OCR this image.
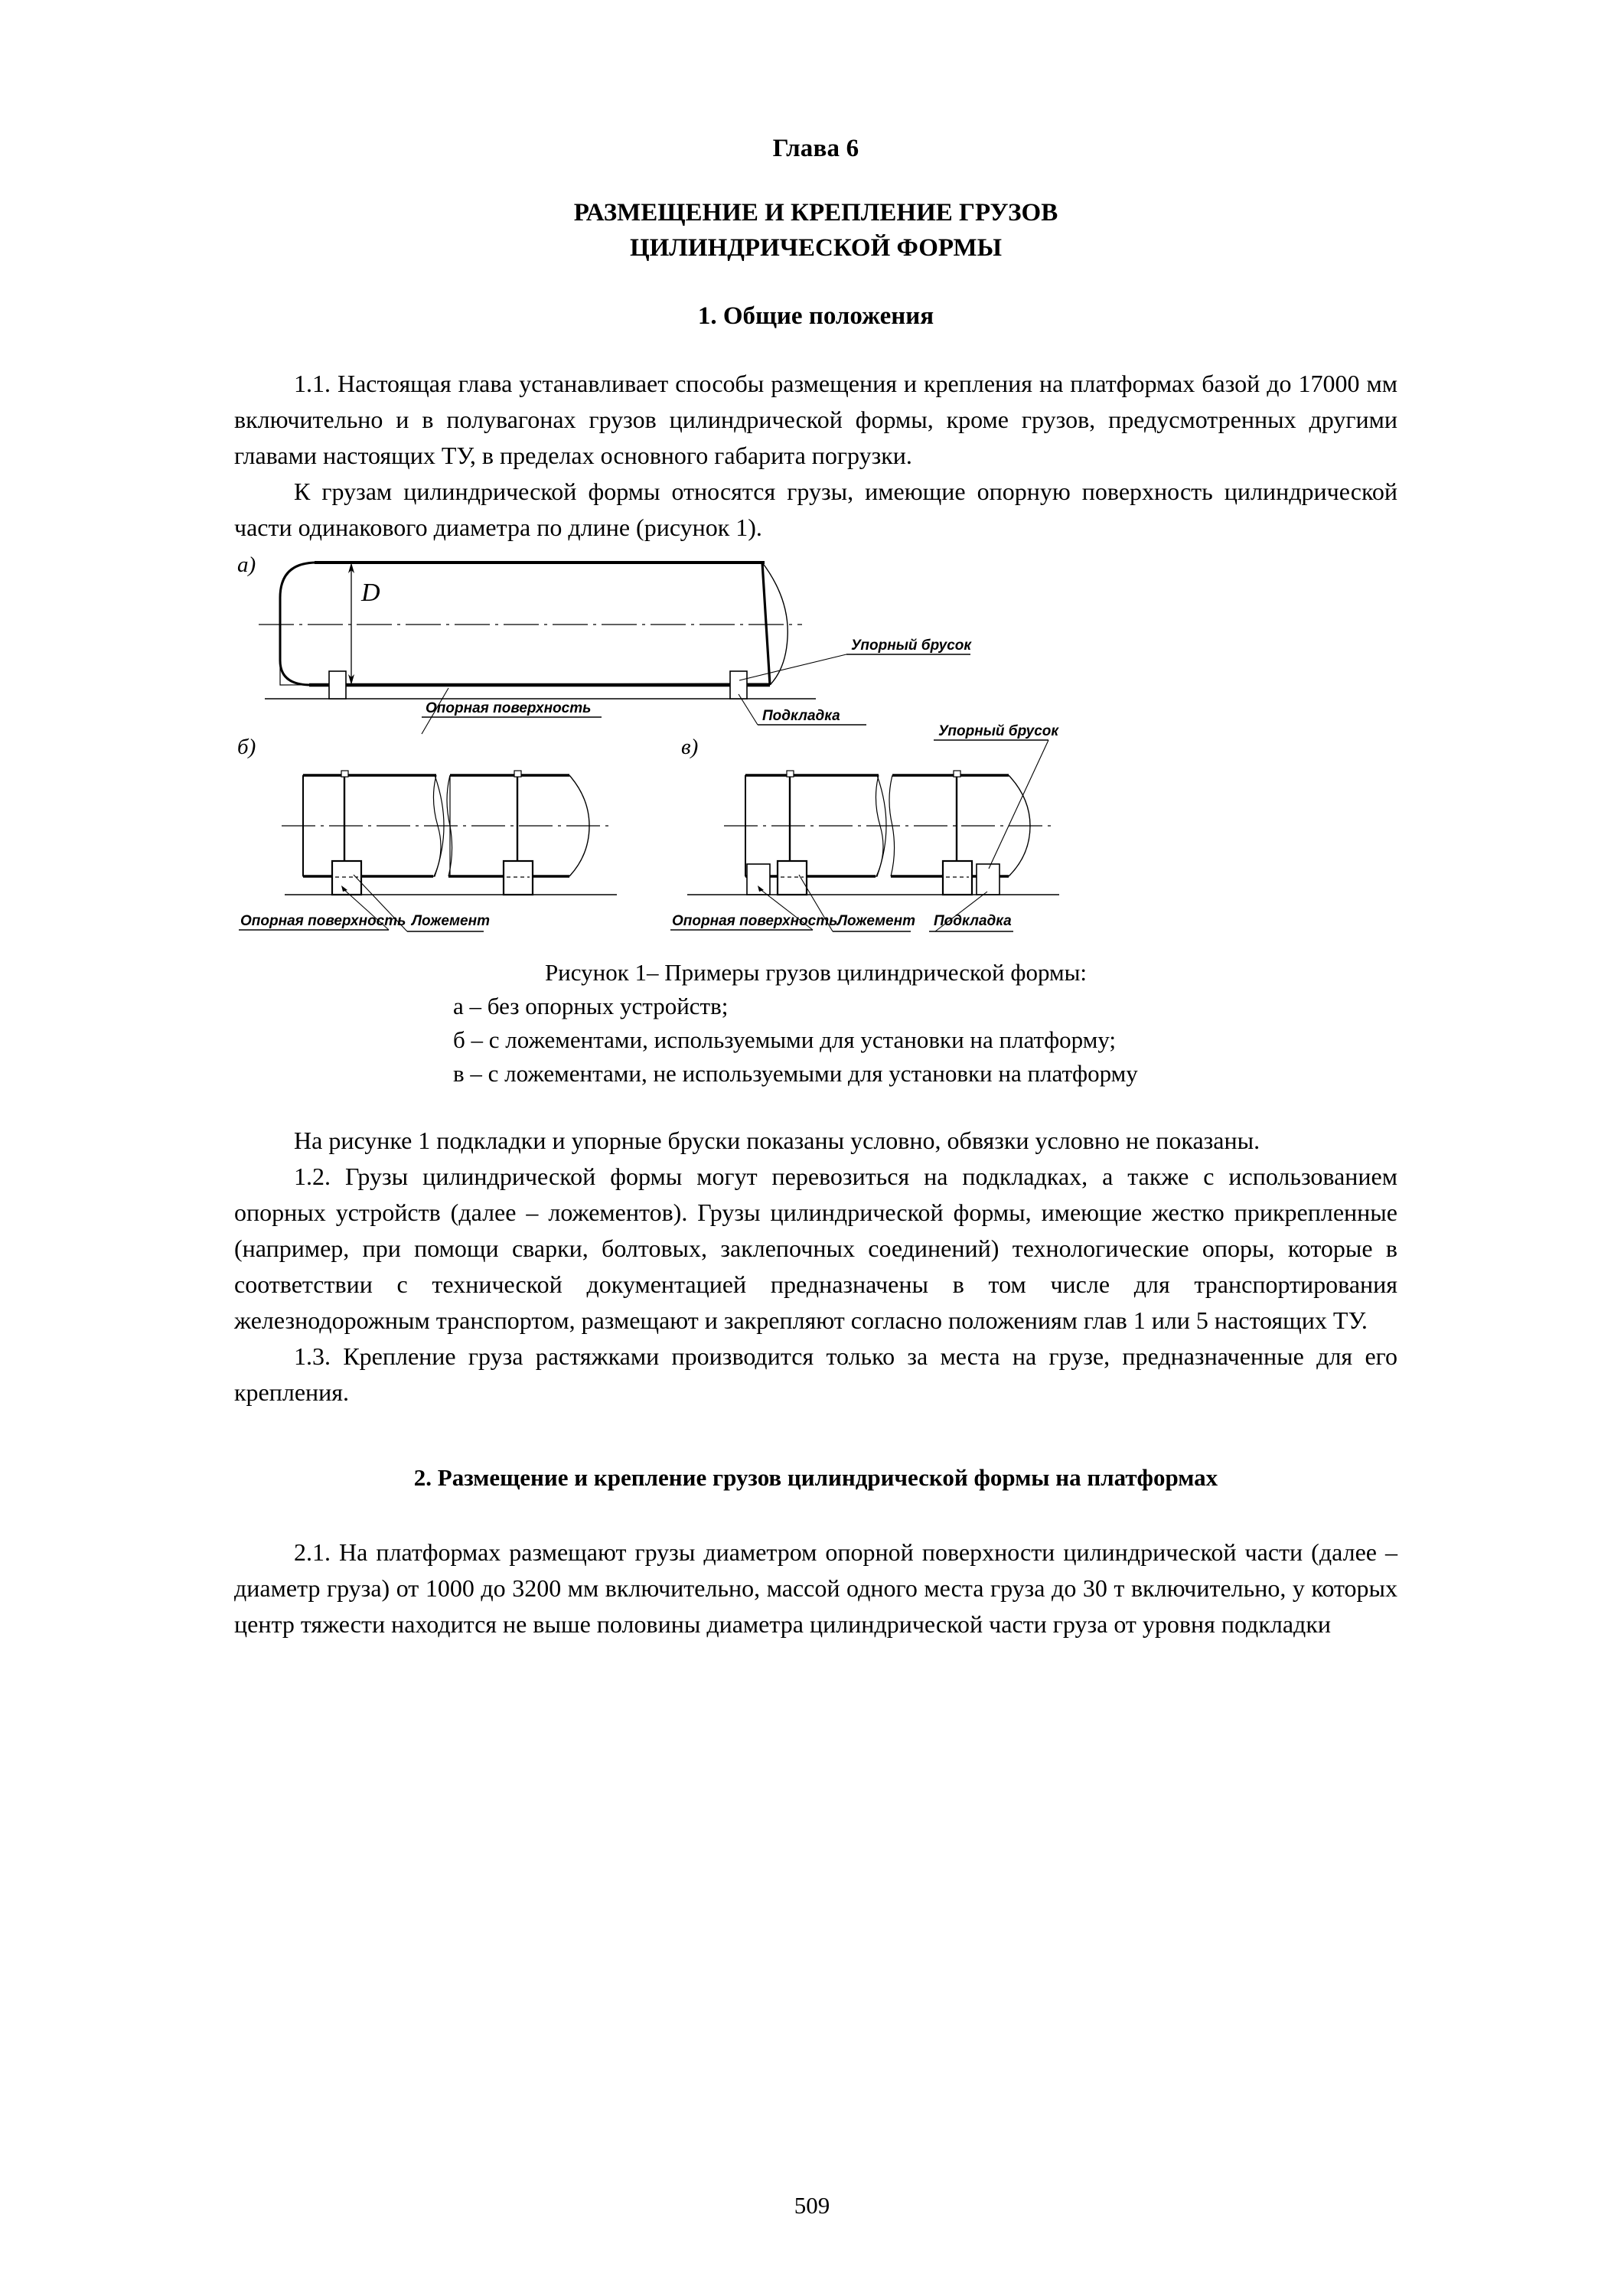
Глава 6
РАЗМЕЩЕНИЕ И КРЕПЛЕНИЕ ГРУЗОВ
ЦИЛИНДРИЧЕСКОЙ ФОРМЫ
1. Общие положения

1.1. Настоящая глава устанавливает способы размещения и крепления на платформах базой до 17000 мм включительно и в полувагонах грузов цилиндрической формы, кроме грузов, предусмотренных другими главами настоящих ТУ, в пределах основного габарита погрузки.

К грузам цилиндрической формы относятся грузы, имеющие опорную поверхность цилиндрической части одинакового диаметра по длине (рисунок 1).

а)
D
Упорный брусок
Подкладка
Опорная поверхность
б)
Опорная поверхность Ложемент
в)
Упорный брусок
Опорная поверхность Ложемент Подкладка
Рисунок 1– Примеры грузов цилиндрической формы:
а – без опорных устройств;
б – с ложементами, используемыми для установки на платформу;
в – с ложементами, не используемыми для установки на платформу

На рисунке 1 подкладки и упорные бруски показаны условно, обвязки условно не показаны.

1.2. Грузы цилиндрической формы могут перевозиться на подкладках, а также с использованием опорных устройств (далее – ложементов). Грузы цилиндрической формы, имеющие жестко прикрепленные (например, при помощи сварки, болтовых, заклепочных соединений) технологические опоры, которые в соответствии с технической документацией предназначены в том числе для транспортирования железнодорожным транспортом, размещают и закрепляют согласно положениям глав 1 или 5 настоящих ТУ.

1.3. Крепление груза растяжками производится только за места на грузе, предназначенные для его крепления.

2. Размещение и крепление грузов цилиндрической формы на платформах

2.1. На платформах размещают грузы диаметром опорной поверхности цилиндрической части (далее – диаметр груза) от 1000 до 3200 мм включительно, массой одного места груза до 30 т включительно, у которых центр тяжести находится не выше половины диаметра цилиндрической части груза от уровня подкладки

509
